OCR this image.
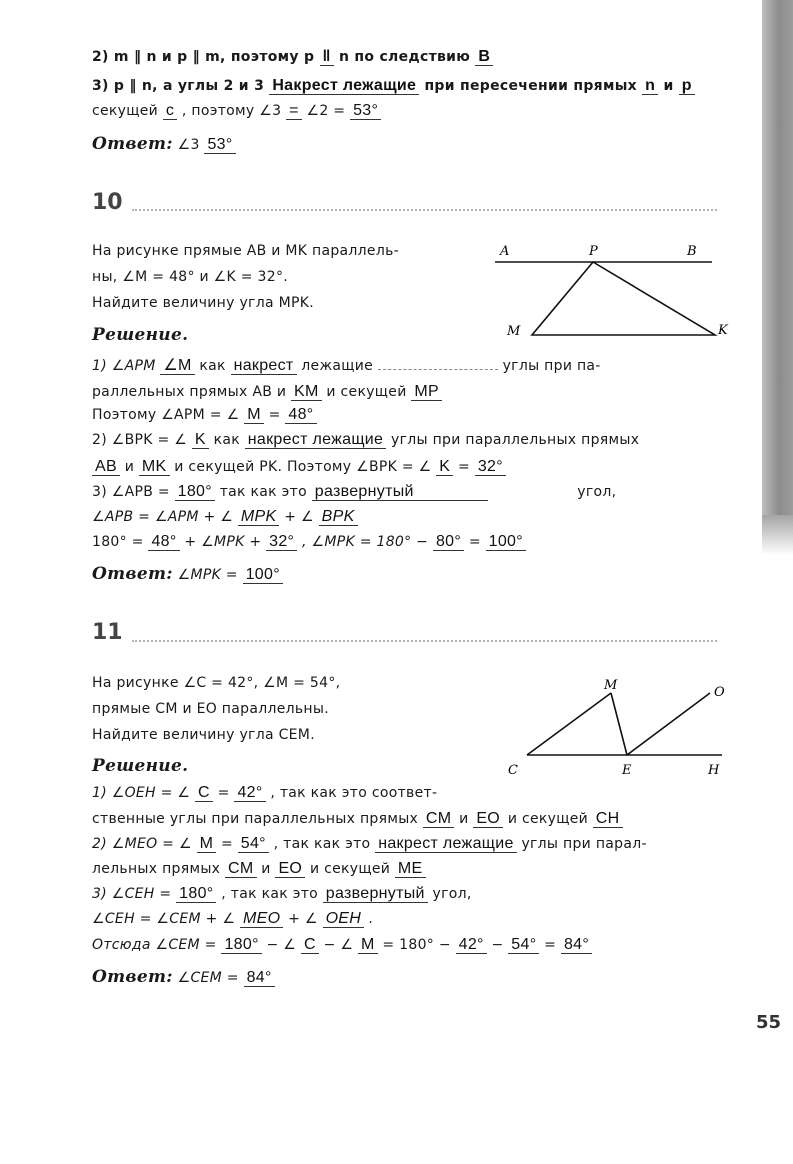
2) m ‖ n и p ‖ m, поэтому p ‖ n по следствию B
3) p ‖ n, а углы 2 и 3 Накрест лежащие при пересечении прямых n и p
секущей c , поэтому ∠3 = ∠2 = 53°
Ответ: ∠3 53°
10
На рисунке прямые AB и MK параллель-
ны, ∠M = 48° и ∠K = 32°.
Найдите величину угла MPK.
A	P	B
M	K
Решение.
1) ∠APM ∠M как накрест лежащие	углы при па-
раллельных прямых AB и KM и секущей MP
Поэтому ∠APM = ∠ M = 48°
2) ∠BPK = ∠ K как накрест лежащие углы при параллельных прямых
AB и MK и секущей PK. Поэтому ∠BPK = ∠ K = 32°
3) ∠APB = 180° так как это развернутый	угол,
∠APB = ∠APM + ∠ MPK + ∠ BPK
180° = 48° + ∠MPK + 32° , ∠MPK = 180° − 80° = 100°
Ответ: ∠MPK = 100°
11
На рисунке ∠C = 42°, ∠M = 54°,
прямые CM и EO параллельны.
Найдите величину угла CEM.
M	O
C	E	H
Решение.
1) ∠OEH = ∠ C = 42° , так как это соответ-
ственные углы при параллельных прямых CM и EO и секущей CH
2) ∠MEO = ∠ M = 54° , так как это накрест лежащие углы при парал-
лельных прямых CM и EO и секущей ME
3) ∠CEH = 180° , так как это развернутый угол,
∠CEH = ∠CEM + ∠ MEO + ∠ OEH .
Отсюда ∠CEM = 180° − ∠ C − ∠ M = 180° − 42° − 54° = 84°
Ответ: ∠CEM = 84°
55
